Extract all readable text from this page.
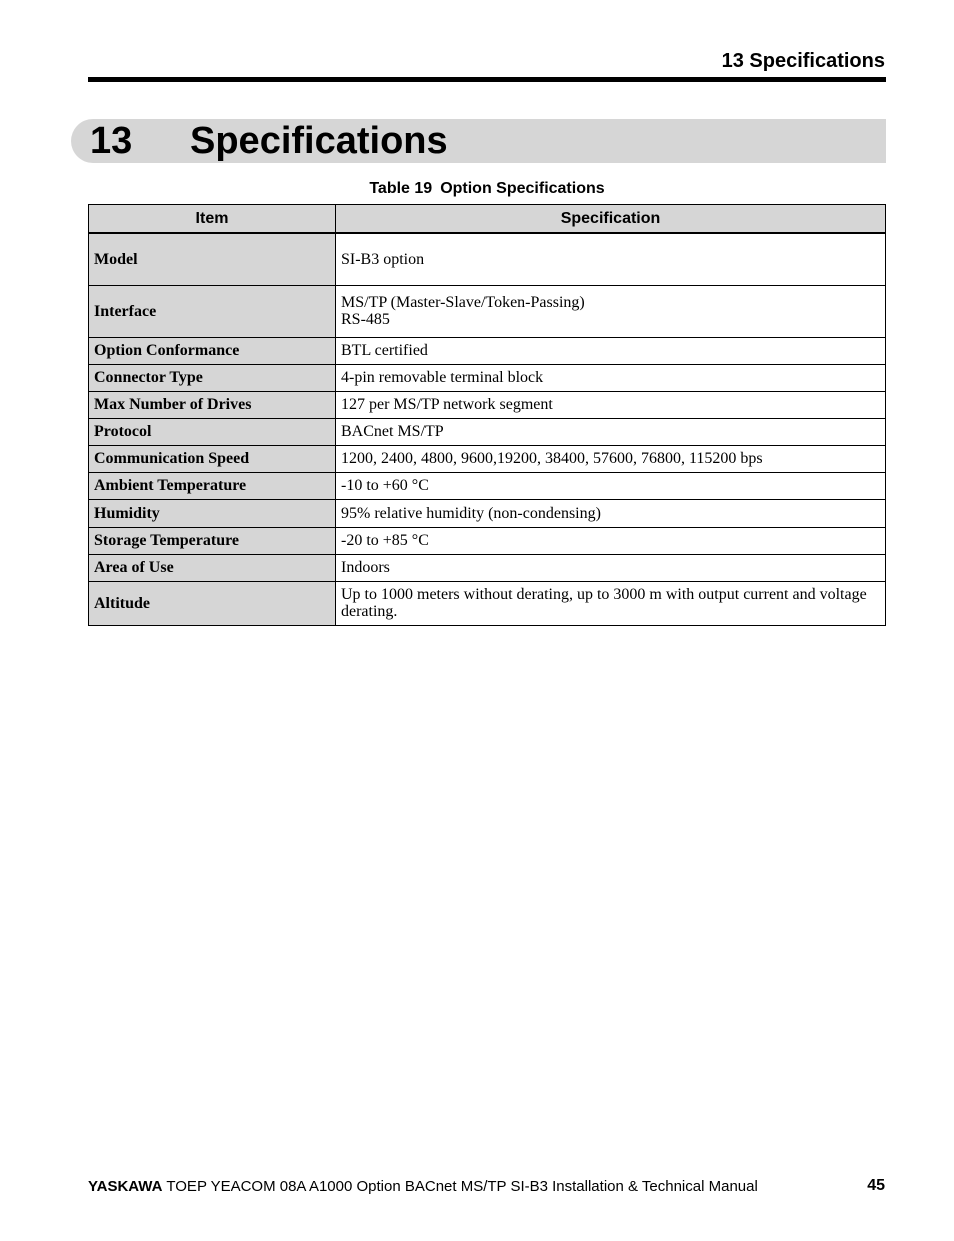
13 Specifications
13 Specifications
Table 19 Option Specifications
Item	Specification
Model	SI-B3 option
Interface	MS/TP (Master-Slave/Token-Passing)
RS-485

Option Conformance	BTL certified
Connector Type	4-pin removable terminal block
Max Number of Drives	127 per MS/TP network segment
Protocol	BACnet MS/TP
Communication Speed	1200, 2400, 4800, 9600,19200, 38400, 57600, 76800, 115200 bps
Ambient Temperature	-10 to +60 °C
Humidity	95% relative humidity (non-condensing)
Storage Temperature	-20 to +85 °C
Area of Use	Indoors
Altitude	Up to 1000 meters without derating, up to 3000 m with output current and voltage derating.
YASKAWA TOEP YEACOM 08A A1000 Option BACnet MS/TP SI-B3 Installation & Technical Manual	45
